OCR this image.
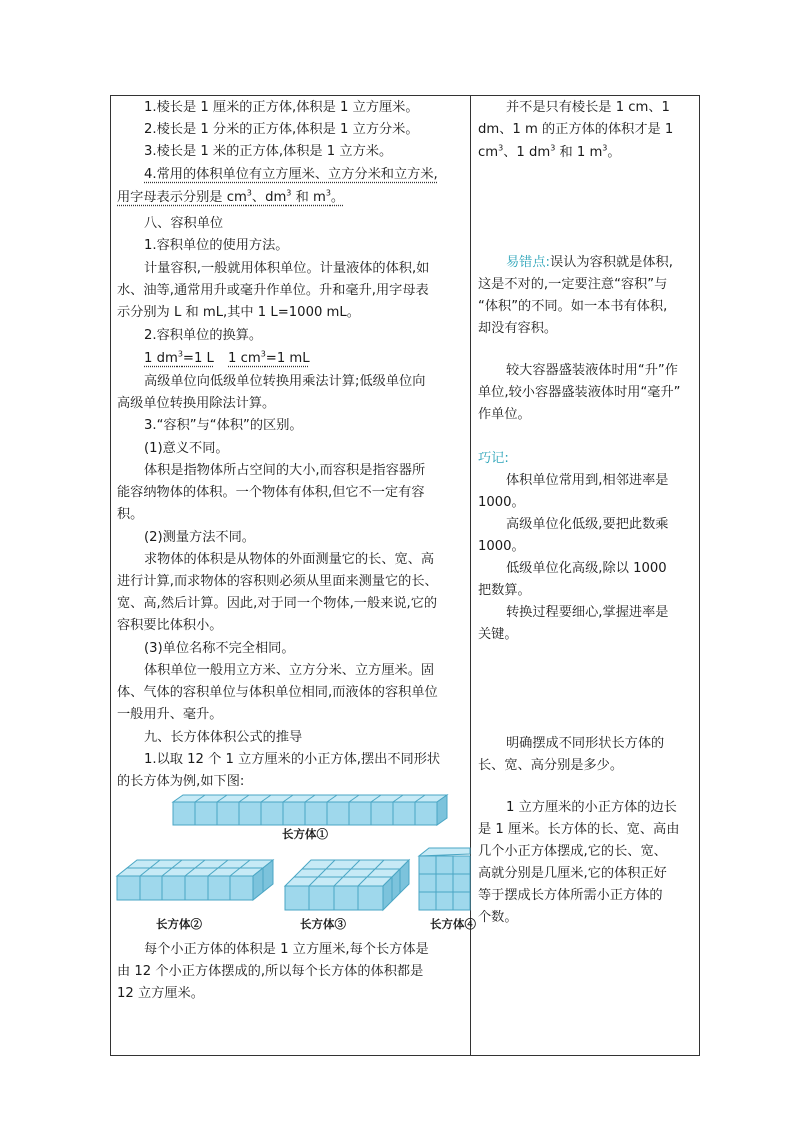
1.棱长是 1 厘米的正方体,体积是 1 立方厘米。
2.棱长是 1 分米的正方体,体积是 1 立方分米。
3.棱长是 1 米的正方体,体积是 1 立方米。
4.常用的体积单位有立方厘米、立方分米和立方米,
用字母表示分别是 $cm^3$、$dm^3$ 和 $m^3$。
八、容积单位
1.容积单位的使用方法。
计量容积,一般就用体积单位。计量液体的体积,如
水、油等,通常用升或毫升作单位。升和毫升,用字母表
示分别为 L 和 mL,其中 1 L=1000 mL。
2.容积单位的换算。
1 $dm^3=1$ L 1 $cm^3=1$ mL
高级单位向低级单位转换用乘法计算;低级单位向
高级单位转换用除法计算。
3.“容积”与“体积”的区别。
(1)意义不同。
体积是指物体所占空间的大小,而容积是指容器所
能容纳物体的体积。一个物体有体积,但它不一定有容
积。
(2)测量方法不同。
求物体的体积是从物体的外面测量它的长、宽、高
进行计算,而求物体的容积则必须从里面来测量它的长、
宽、高,然后计算。因此,对于同一个物体,一般来说,它的
容积要比体积小。
(3)单位名称不完全相同。
体积单位一般用立方米、立方分米、立方厘米。固
体、气体的容积单位与体积单位相同,而液体的容积单位
一般用升、毫升。
九、长方体体积公式的推导
1.以取 12 个 1 立方厘米的小正方体,摆出不同形状
的长方体为例,如下图:
长方体①
长方体②	长方体③	长方体④
每个小正方体的体积是 1 立方厘米,每个长方体是
由 12 个小正方体摆成的,所以每个长方体的体积都是
12 立方厘米。
并不是只有棱长是 1 cm、1
dm、1 m 的正方体的体积才是 1
$cm^3$、1 $dm^3$ 和 1 $m^3$。
易错点:误认为容积就是体积,
这是不对的,一定要注意“容积”与
“体积”的不同。如一本书有体积,
却没有容积。
较大容器盛装液体时用“升”作
单位,较小容器盛装液体时用“毫升”
作单位。
巧记:
体积单位常用到,相邻进率是
1000。
高级单位化低级,要把此数乘
1000。
低级单位化高级,除以 1000
把数算。
转换过程要细心,掌握进率是
关键。
明确摆成不同形状长方体的
长、宽、高分别是多少。
1 立方厘米的小正方体的边长
是 1 厘米。长方体的长、宽、高由
几个小正方体摆成,它的长、宽、
高就分别是几厘米,它的体积正好
等于摆成长方体所需小正方体的
个数。
